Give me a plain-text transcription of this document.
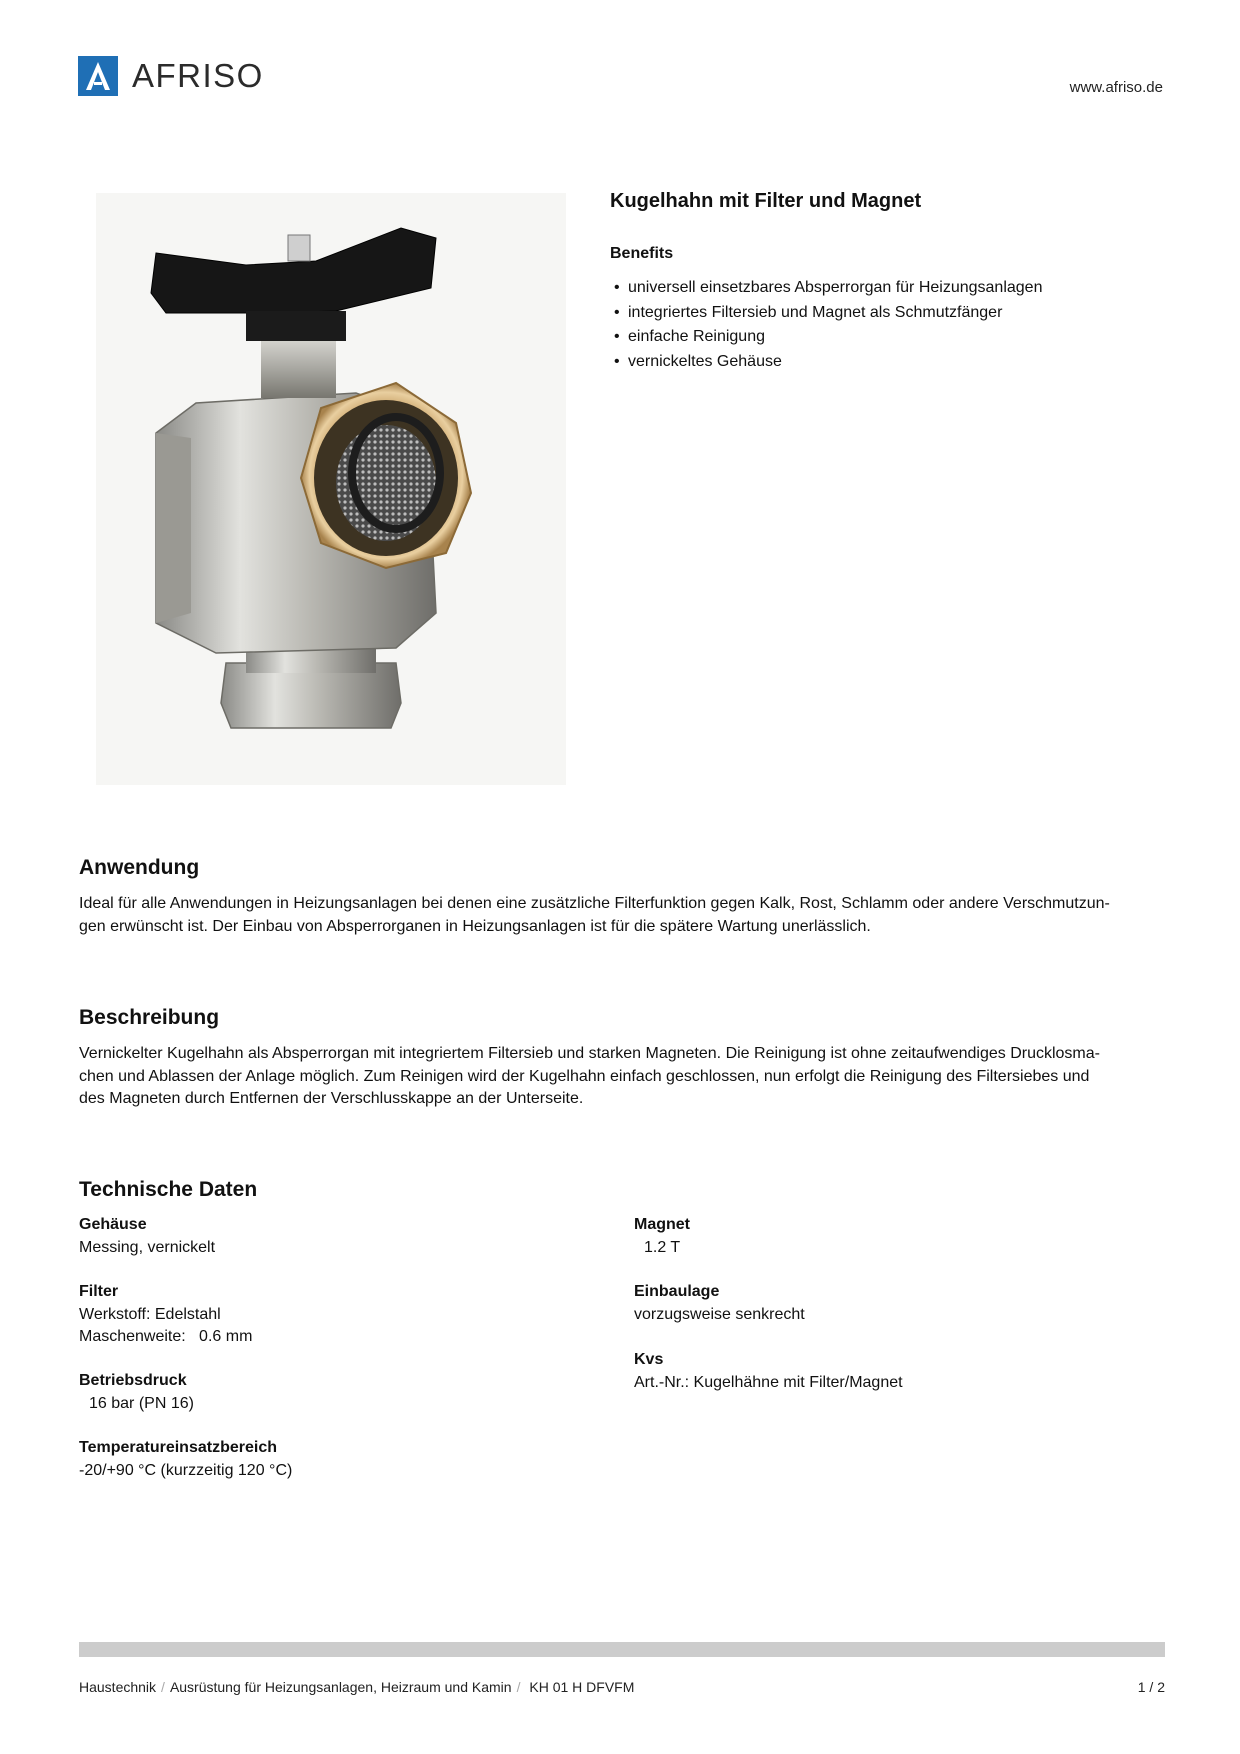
AFRISO	www.afriso.de
Kugelhahn mit Filter und Magnet
Benefits
• universell einsetzbares Absperrorgan für Heizungsanlagen
• integriertes Filtersieb und Magnet als Schmutzfänger
• einfache Reinigung
• vernickeltes Gehäuse
Anwendung

Ideal für alle Anwendungen in Heizungsanlagen bei denen eine zusätzliche Filterfunktion gegen Kalk, Rost, Schlamm oder andere Verschmutzun-
gen erwünscht ist. Der Einbau von Absperrorganen in Heizungsanlagen ist für die spätere Wartung unerlässlich.

Beschreibung

Vernickelter Kugelhahn als Absperrorgan mit integriertem Filtersieb und starken Magneten. Die Reinigung ist ohne zeitaufwendiges Drucklosma-
chen und Ablassen der Anlage möglich. Zum Reinigen wird der Kugelhahn einfach geschlossen, nun erfolgt die Reinigung des Filtersiebes und
des Magneten durch Entfernen der Verschlusskappe an der Unterseite.

Technische Daten
Gehäuse
Messing, vernickelt
Filter
Werkstoff: Edelstahl
Maschenweite:   0.6 mm
Betriebsdruck
16 bar (PN 16)
Temperatureinsatzbereich
-20/+90 °C (kurzzeitig 120 °C)
Magnet
1.2 T
Einbaulage
vorzugsweise senkrecht
Kvs
Art.-Nr.: Kugelhähne mit Filter/Magnet
Haustechnik / Ausrüstung für Heizungsanlagen, Heizraum und Kamin / KH 01 H DFVFM	1 / 2
